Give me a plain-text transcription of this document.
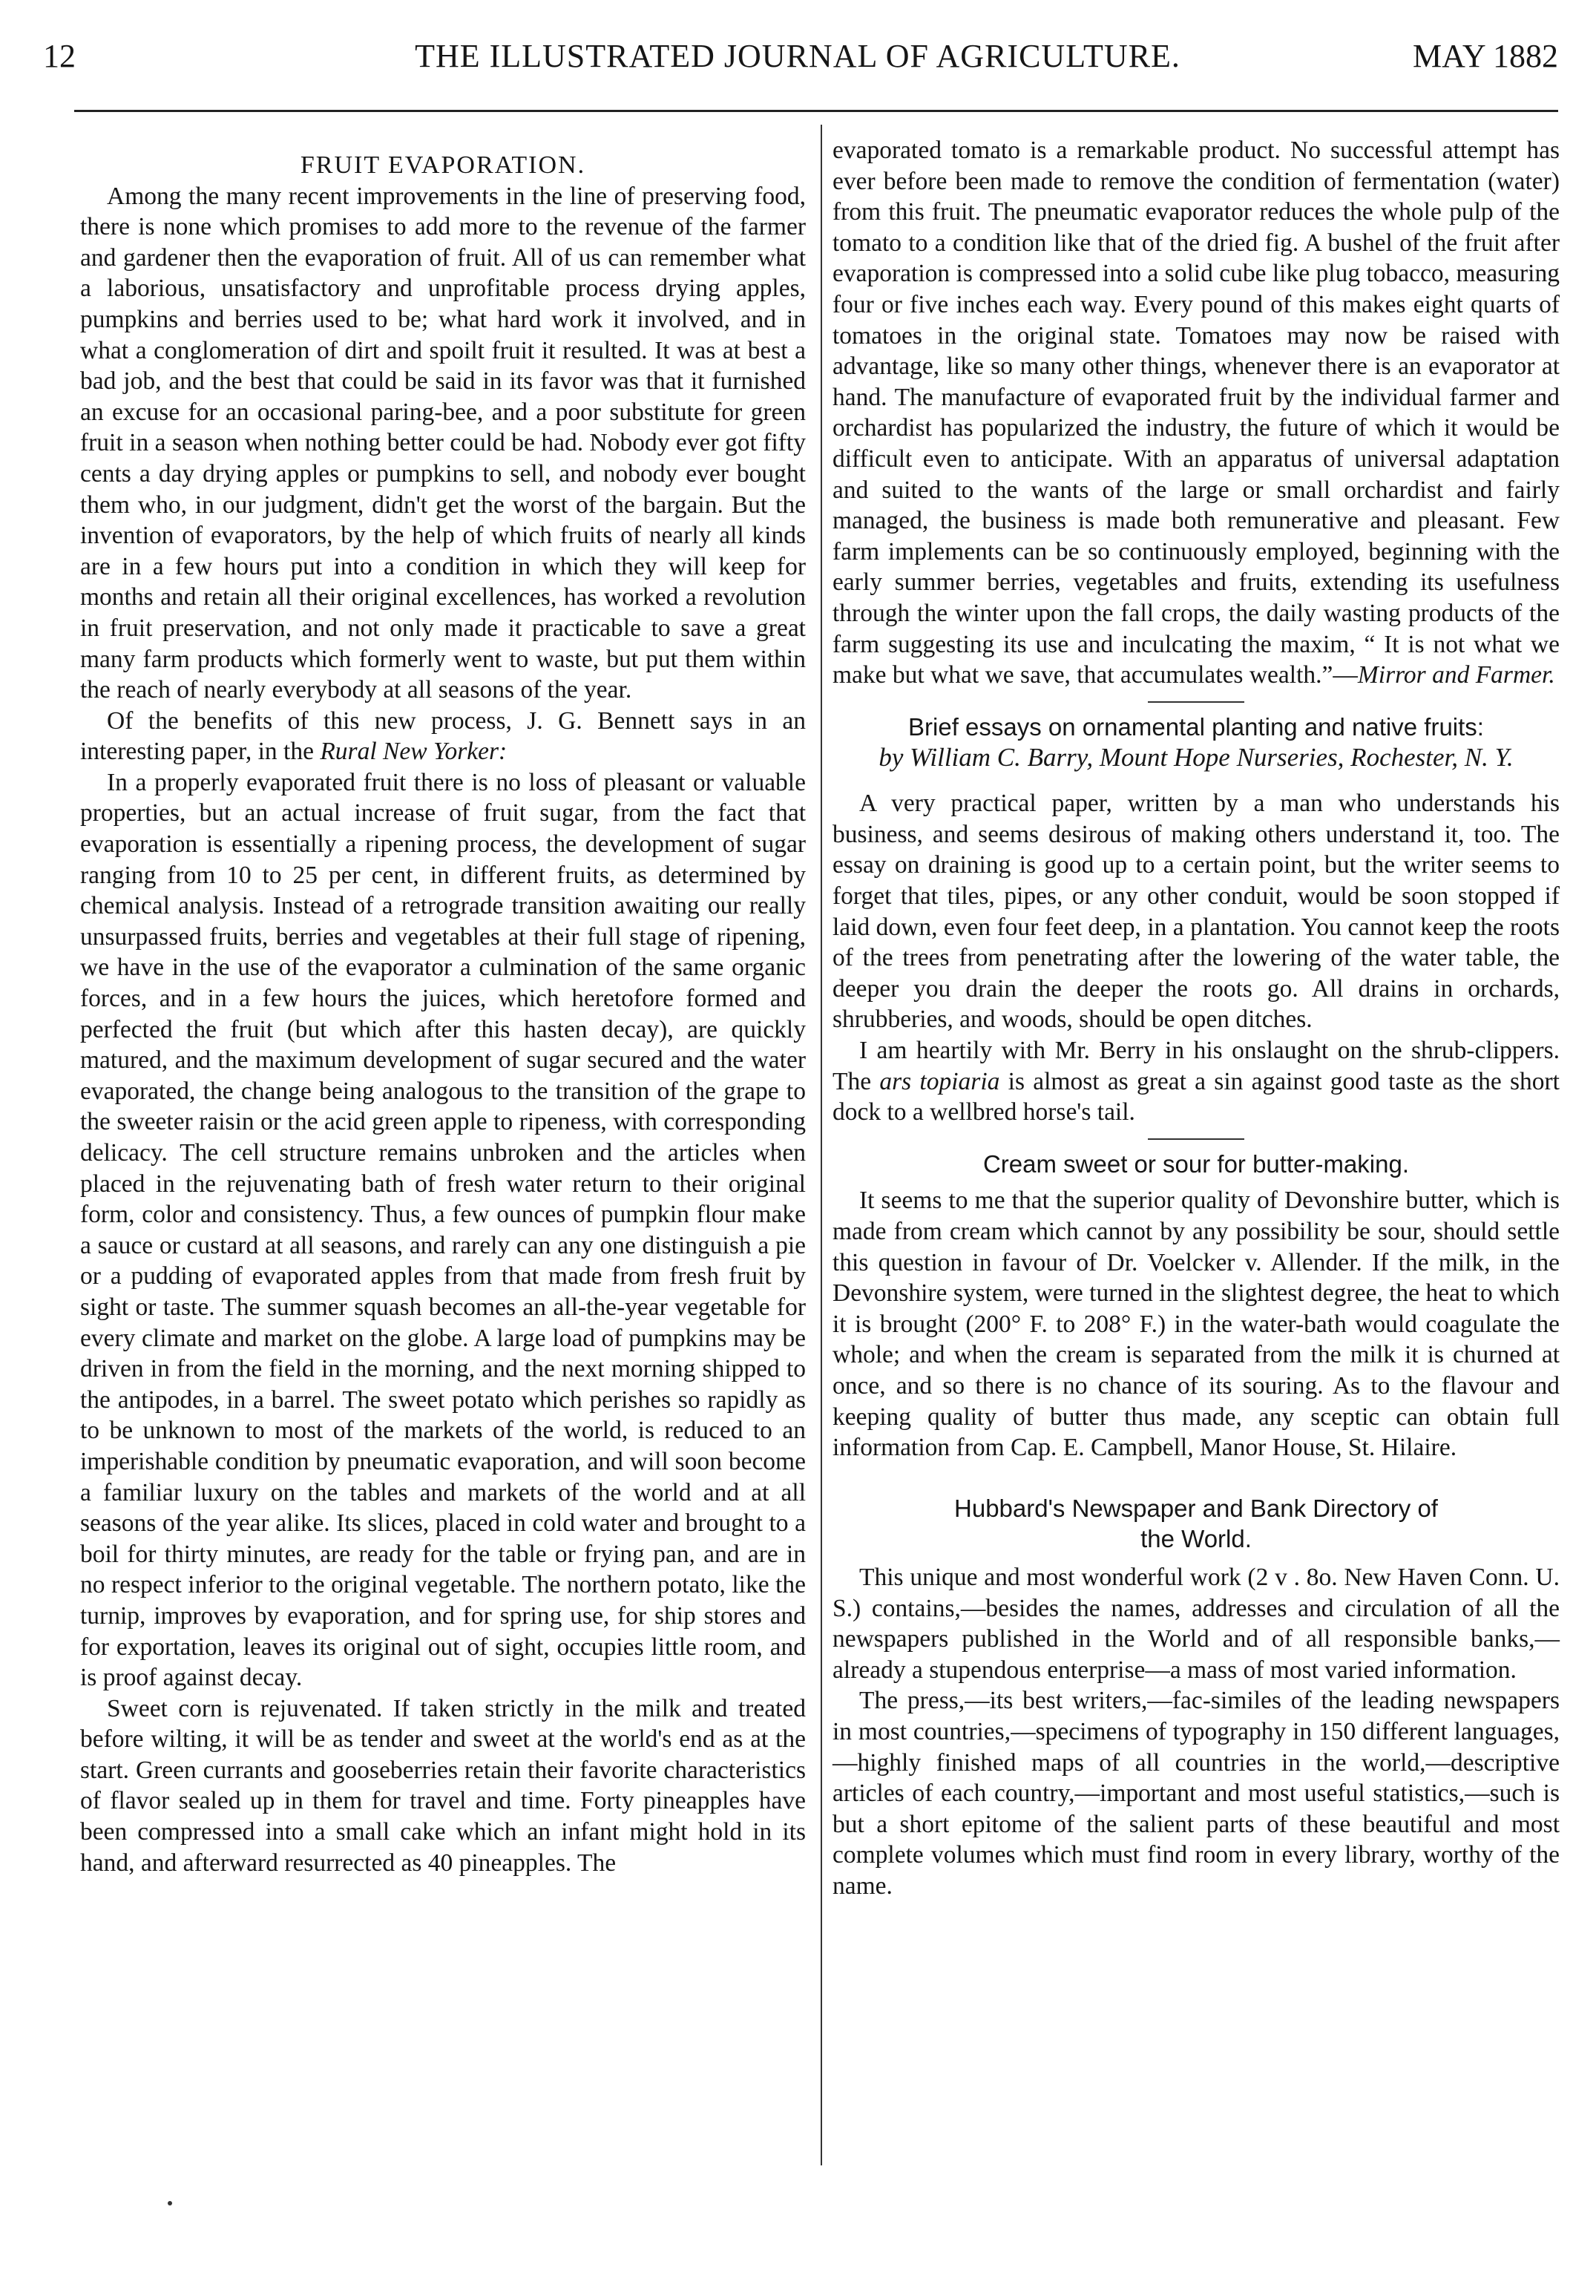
12	THE ILLUSTRATED JOURNAL OF AGRICULTURE.	MAY 1882

FRUIT EVAPORATION.

Among the many recent improvements in the line of preserving food, there is none which promises to add more to the revenue of the farmer and gardener then the evaporation of fruit. All of us can remember what a laborious, unsatisfactory and unprofitable process drying apples, pumpkins and berries used to be; what hard work it involved, and in what a conglomeration of dirt and spoilt fruit it resulted. It was at best a bad job, and the best that could be said in its favor was that it furnished an excuse for an occasional paring-bee, and a poor substitute for green fruit in a season when nothing better could be had. Nobody ever got fifty cents a day drying apples or pumpkins to sell, and nobody ever bought them who, in our judgment, didn't get the worst of the bargain. But the invention of evaporators, by the help of which fruits of nearly all kinds are in a few hours put into a condition in which they will keep for months and retain all their original excellences, has worked a revolution in fruit preservation, and not only made it practicable to save a great many farm products which formerly went to waste, but put them within the reach of nearly everybody at all seasons of the year.

Of the benefits of this new process, J. G. Bennett says in an interesting paper, in the Rural New Yorker:

In a properly evaporated fruit there is no loss of pleasant or valuable properties, but an actual increase of fruit sugar, from the fact that evaporation is essentially a ripening process, the development of sugar ranging from 10 to 25 per cent, in different fruits, as determined by chemical analysis. Instead of a retrograde transition awaiting our really unsurpassed fruits, berries and vegetables at their full stage of ripening, we have in the use of the evaporator a culmination of the same organic forces, and in a few hours the juices, which heretofore formed and perfected the fruit (but which after this hasten decay), are quickly matured, and the maximum development of sugar secured and the water evaporated, the change being analogous to the transition of the grape to the sweeter raisin or the acid green apple to ripeness, with corresponding delicacy. The cell structure remains unbroken and the articles when placed in the rejuvenating bath of fresh water return to their original form, color and consistency. Thus, a few ounces of pumpkin flour make a sauce or custard at all seasons, and rarely can any one distinguish a pie or a pudding of evaporated apples from that made from fresh fruit by sight or taste. The summer squash becomes an all-the-year vegetable for every climate and market on the globe. A large load of pumpkins may be driven in from the field in the morning, and the next morning shipped to the antipodes, in a barrel. The sweet potato which perishes so rapidly as to be unknown to most of the markets of the world, is reduced to an imperishable condition by pneumatic evaporation, and will soon become a familiar luxury on the tables and markets of the world and at all seasons of the year alike. Its slices, placed in cold water and brought to a boil for thirty minutes, are ready for the table or frying pan, and are in no respect inferior to the original vegetable. The northern potato, like the turnip, improves by evaporation, and for spring use, for ship stores and for exportation, leaves its original out of sight, occupies little room, and is proof against decay.

Sweet corn is rejuvenated. If taken strictly in the milk and treated before wilting, it will be as tender and sweet at the world's end as at the start. Green currants and gooseberries retain their favorite characteristics of flavor sealed up in them for travel and time. Forty pineapples have been compressed into a small cake which an infant might hold in its hand, and afterward resurrected as 40 pineapples. The

evaporated tomato is a remarkable product. No successful attempt has ever before been made to remove the condition of fermentation (water) from this fruit. The pneumatic evaporator reduces the whole pulp of the tomato to a condition like that of the dried fig. A bushel of the fruit after evaporation is compressed into a solid cube like plug tobacco, measuring four or five inches each way. Every pound of this makes eight quarts of tomatoes in the original state. Tomatoes may now be raised with advantage, like so many other things, whenever there is an evaporator at hand. The manufacture of evaporated fruit by the individual farmer and orchardist has popularized the industry, the future of which it would be difficult even to anticipate. With an apparatus of universal adaptation and suited to the wants of the large or small orchardist and fairly managed, the business is made both remunerative and pleasant. Few farm implements can be so continuously employed, beginning with the early summer berries, vegetables and fruits, extending its usefulness through the winter upon the fall crops, the daily wasting products of the farm suggesting its use and inculcating the maxim, “ It is not what we make but what we save, that accumulates wealth.”—Mirror and Farmer.

Brief essays on ornamental planting and native fruits:

by William C. Barry, Mount Hope Nurseries, Rochester, N. Y.

A very practical paper, written by a man who understands his business, and seems desirous of making others understand it, too. The essay on draining is good up to a certain point, but the writer seems to forget that tiles, pipes, or any other conduit, would be soon stopped if laid down, even four feet deep, in a plantation. You cannot keep the roots of the trees from penetrating after the lowering of the water table, the deeper you drain the deeper the roots go. All drains in orchards, shrubberies, and woods, should be open ditches.

I am heartily with Mr. Berry in his onslaught on the shrub-clippers. The ars topiaria is almost as great a sin against good taste as the short dock to a wellbred horse's tail.

Cream sweet or sour for butter-making.

It seems to me that the superior quality of Devonshire butter, which is made from cream which cannot by any possibility be sour, should settle this question in favour of Dr. Voelcker v. Allender. If the milk, in the Devonshire system, were turned in the slightest degree, the heat to which it is brought (200° F. to 208° F.) in the water-bath would coagulate the whole; and when the cream is separated from the milk it is churned at once, and so there is no chance of its souring. As to the flavour and keeping quality of butter thus made, any sceptic can obtain full information from Cap. E. Campbell, Manor House, St. Hilaire.

Hubbard's Newspaper and Bank Directory of the World.

This unique and most wonderful work (2 v . 8o. New Haven Conn. U. S.) contains,—besides the names, addresses and circulation of all the newspapers published in the World and of all responsible banks,—already a stupendous enterprise—a mass of most varied information.

The press,—its best writers,—fac-similes of the leading newspapers in most countries,—specimens of typography in 150 different languages,—highly finished maps of all countries in the world,—descriptive articles of each country,—important and most useful statistics,—such is but a short epitome of the salient parts of these beautiful and most complete volumes which must find room in every library, worthy of the name.
